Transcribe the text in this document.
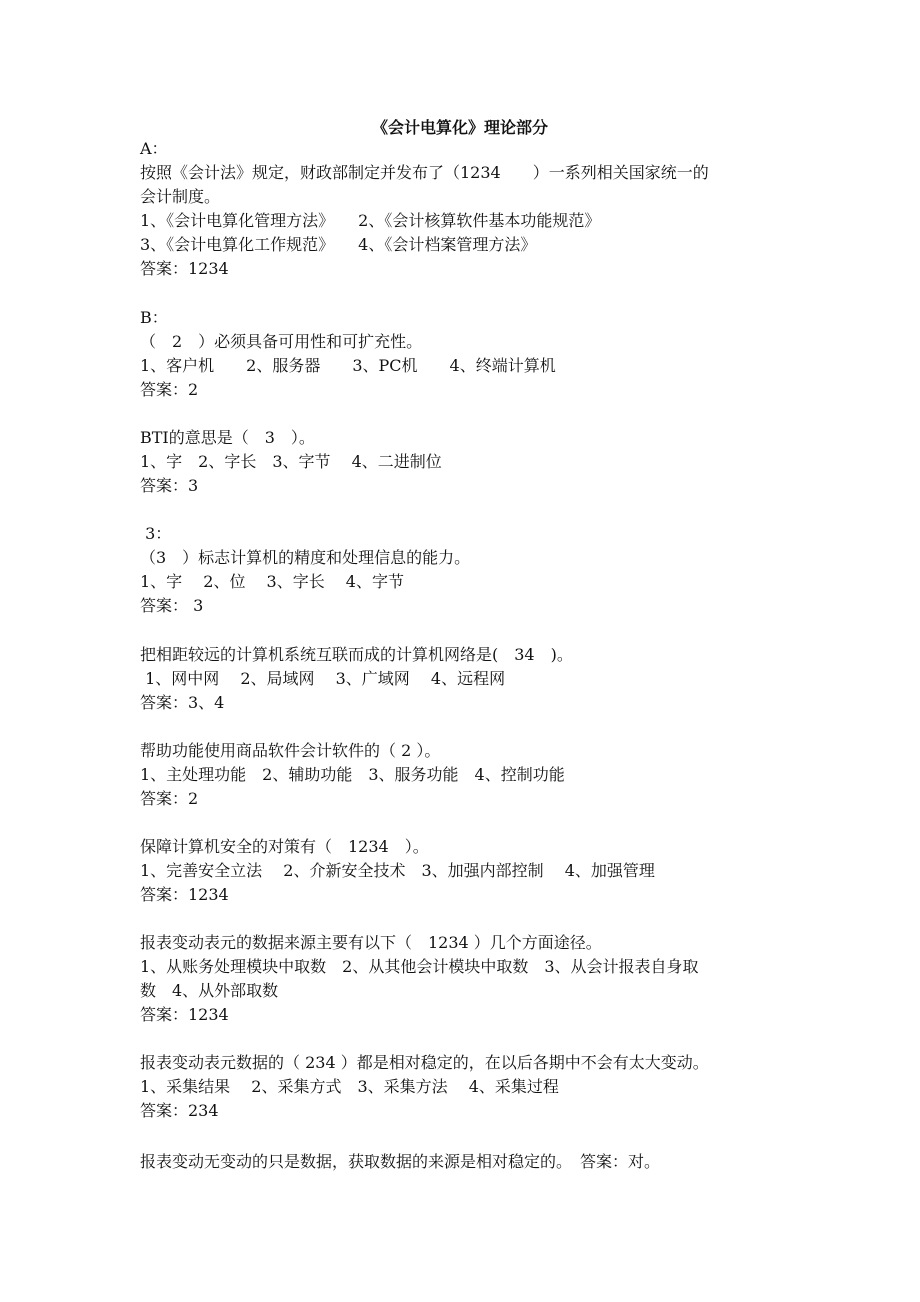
《会计电算化》理论部分
A：
按照《会计法》规定，财政部制定并发布了（1234　　）一系列相关国家统一的
会计制度。
1、《会计电算化管理方法》　　2、《会计核算软件基本功能规范》
3、《会计电算化工作规范》　　4、《会计档案管理方法》
答案：1234
B：
（　2　）必须具备可用性和可扩充性。
1、客户机　　2、服务器　　3、PC机　　4、终端计算机
答案：2
BTI的意思是（　3　）。
1、字　2、字长　3、字节　 4、二进制位
答案：3
3：
（3　）标志计算机的精度和处理信息的能力。
1、字　 2、位　 3、字长　 4、字节
答案： 3
把相距较远的计算机系统互联而成的计算机网络是(　34　)。
1、网中网　 2、局域网　 3、广域网　 4、远程网
答案：3、4
帮助功能使用商品软件会计软件的（ 2 ）。
1、主处理功能　2、辅助功能　3、服务功能　4、控制功能
答案：2
保障计算机安全的对策有（　1234　）。
1、完善安全立法　 2、介新安全技术　3、加强内部控制　 4、加强管理
答案：1234
报表变动表元的数据来源主要有以下（　1234 ）几个方面途径。
1、从账务处理模块中取数　2、从其他会计模块中取数　3、从会计报表自身取
数　4、从外部取数
答案：1234
报表变动表元数据的（ 234 ）都是相对稳定的，在以后各期中不会有太大变动。
1、采集结果　 2、采集方式　3、采集方法　 4、采集过程
答案：234
报表变动无变动的只是数据，获取数据的来源是相对稳定的。　答案：对。
